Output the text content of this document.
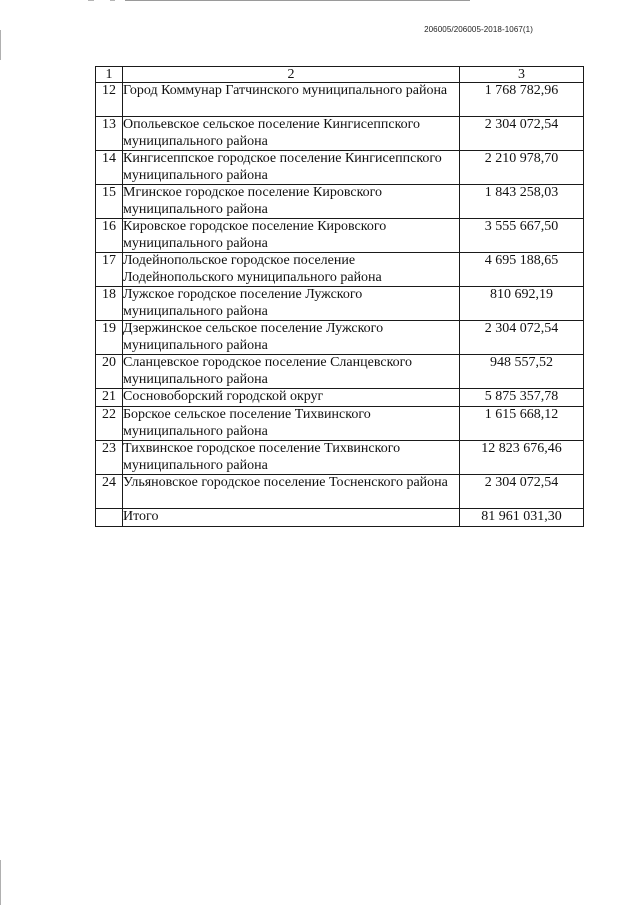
206005/206005-2018-1067(1)
1	2	3
12	Город Коммунар Гатчинского муниципального района	1 768 782,96
13	Опольевское сельское поселение Кингисеппского муниципального района	2 304 072,54
14	Кингисеппское городское поселение Кингисеппского муниципального района	2 210 978,70
15	Мгинское городское поселение Кировского муниципального района	1 843 258,03
16	Кировское городское поселение Кировского муниципального района	3 555 667,50
17	Лодейнопольское городское поселение Лодейнопольского муниципального района	4 695 188,65
18	Лужское городское поселение Лужского муниципального района	810 692,19
19	Дзержинское сельское поселение Лужского муниципального района	2 304 072,54
20	Сланцевское городское поселение Сланцевского муниципального района	948 557,52
21	Сосновоборский городской округ	5 875 357,78
22	Борское сельское поселение Тихвинского муниципального района	1 615 668,12
23	Тихвинское городское поселение Тихвинского муниципального района	12 823 676,46
24	Ульяновское городское поселение Тосненского района	2 304 072,54
	Итого	81 961 031,30
